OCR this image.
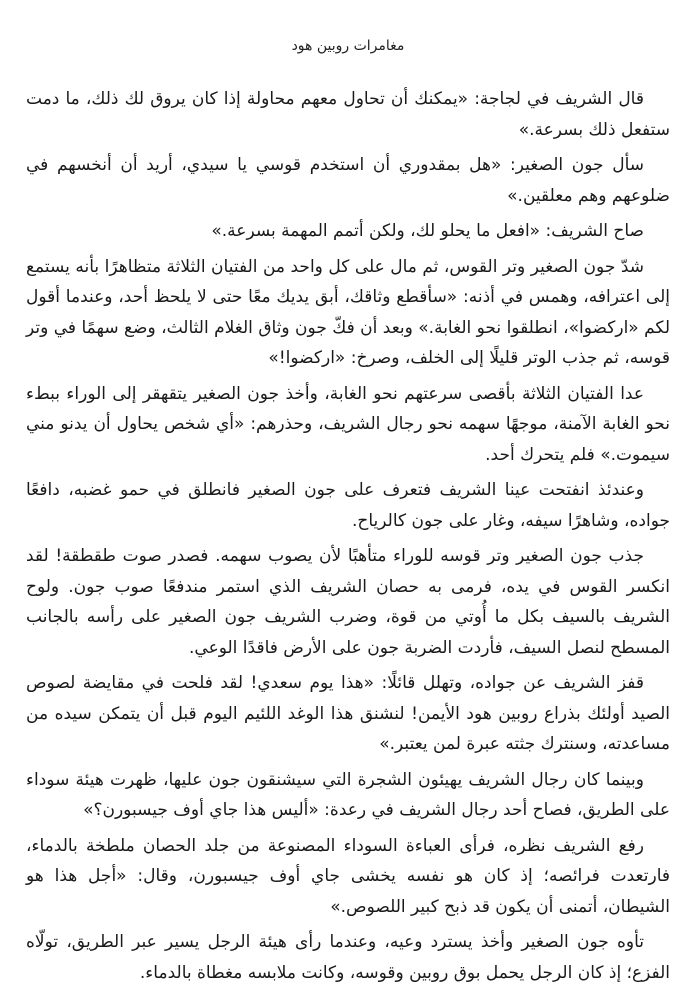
مغامرات روبين هود

قال الشريف في لجاجة: «يمكنك أن تحاول معهم محاولة إذا كان يروق لك ذلك، ما دمت ستفعل ذلك بسرعة.»

سأل جون الصغير: «هل بمقدوري أن استخدم قوسي يا سيدي، أريد أن أنخسهم في ضلوعهم وهم معلقين.»

صاح الشريف: «افعل ما يحلو لك، ولكن أتمم المهمة بسرعة.»

شدّ جون الصغير وتر القوس، ثم مال على كل واحد من الفتيان الثلاثة متظاهرًا بأنه يستمع إلى اعترافه، وهمس في أذنه: «سأقطع وثاقك، أبق يديك معًا حتى لا يلحظ أحد، وعندما أقول لكم «اركضوا»، انطلقوا نحو الغابة.» وبعد أن فكّ جون وثاق الغلام الثالث، وضع سهمًا في وتر قوسه، ثم جذب الوتر قليلًا إلى الخلف، وصرخ: «اركضوا!»

عدا الفتيان الثلاثة بأقصى سرعتهم نحو الغابة، وأخذ جون الصغير يتقهقر إلى الوراء ببطء نحو الغابة الآمنة، موجهًا سهمه نحو رجال الشريف، وحذرهم: «أي شخص يحاول أن يدنو مني سيموت.» فلم يتحرك أحد.

وعندئذ انفتحت عينا الشريف فتعرف على جون الصغير فانطلق في حمو غضبه، دافعًا جواده، وشاهرًا سيفه، وغار على جون كالرياح.

جذب جون الصغير وتر قوسه للوراء متأهبًا لأن يصوب سهمه. فصدر صوت طقطقة! لقد انكسر القوس في يده، فرمى به حصان الشريف الذي استمر مندفعًا صوب جون. ولوح الشريف بالسيف بكل ما أُوتي من قوة، وضرب الشريف جون الصغير على رأسه بالجانب المسطح لنصل السيف، فأردت الضربة جون على الأرض فاقدًا الوعي.

قفز الشريف عن جواده، وتهلل قائلًا: «هذا يوم سعدي! لقد فلحت في مقايضة لصوص الصيد أولئك بذراع روبين هود الأيمن! لنشنق هذا الوغد اللئيم اليوم قبل أن يتمكن سيده من مساعدته، وسنترك جثته عبرة لمن يعتبر.»

وبينما كان رجال الشريف يهيئون الشجرة التي سيشنقون جون عليها، ظهرت هيئة سوداء على الطريق، فصاح أحد رجال الشريف في رعدة: «أليس هذا جاي أوف جيسبورن؟»

رفع الشريف نظره، فرأى العباءة السوداء المصنوعة من جلد الحصان ملطخة بالدماء، فارتعدت فرائصه؛ إذ كان هو نفسه يخشى جاي أوف جيسبورن، وقال: «أجل هذا هو الشيطان، أتمنى أن يكون قد ذبح كبير اللصوص.»

تأوه جون الصغير وأخذ يسترد وعيه، وعندما رأى هيئة الرجل يسير عبر الطريق، تولّاه الفزع؛ إذ كان الرجل يحمل بوق روبين وقوسه، وكانت ملابسه مغطاة بالدماء.
